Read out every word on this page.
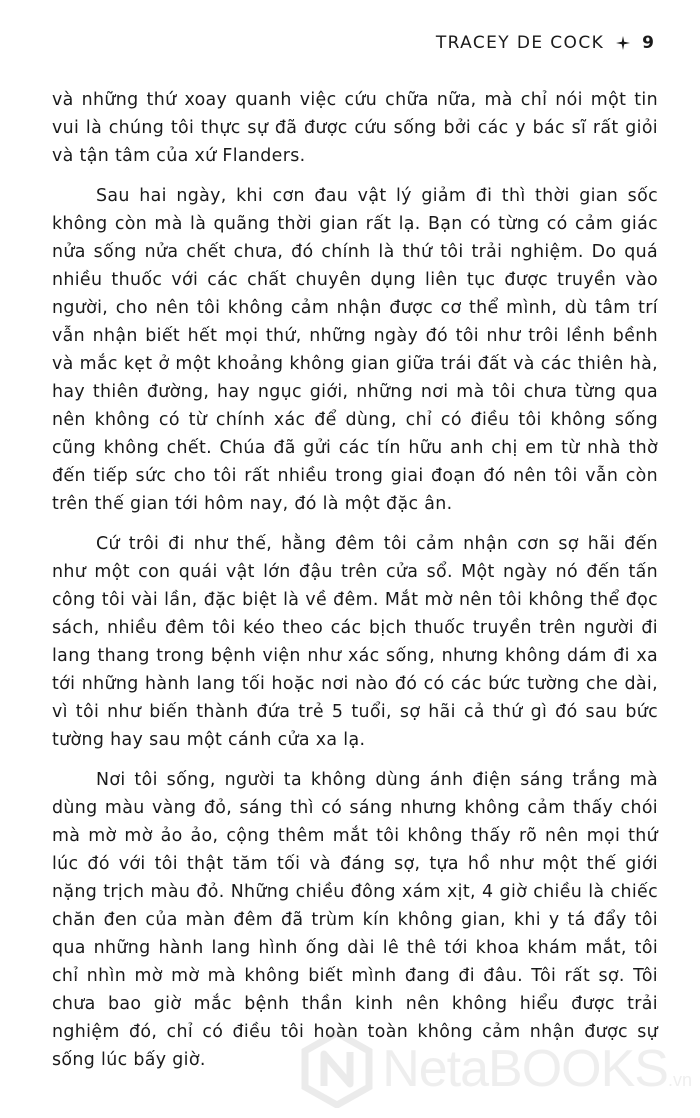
TRACEY DE COCK 9

và những thứ xoay quanh việc cứu chữa nữa, mà chỉ nói một tin vui là chúng tôi thực sự đã được cứu sống bởi các y bác sĩ rất giỏi và tận tâm của xứ Flanders.

Sau hai ngày, khi cơn đau vật lý giảm đi thì thời gian sốc không còn mà là quãng thời gian rất lạ. Bạn có từng có cảm giác nửa sống nửa chết chưa, đó chính là thứ tôi trải nghiệm. Do quá nhiều thuốc với các chất chuyên dụng liên tục được truyền vào người, cho nên tôi không cảm nhận được cơ thể mình, dù tâm trí vẫn nhận biết hết mọi thứ, những ngày đó tôi như trôi lềnh bềnh và mắc kẹt ở một khoảng không gian giữa trái đất và các thiên hà, hay thiên đường, hay ngục giới, những nơi mà tôi chưa từng qua nên không có từ chính xác để dùng, chỉ có điều tôi không sống cũng không chết. Chúa đã gửi các tín hữu anh chị em từ nhà thờ đến tiếp sức cho tôi rất nhiều trong giai đoạn đó nên tôi vẫn còn trên thế gian tới hôm nay, đó là một đặc ân.

Cứ trôi đi như thế, hằng đêm tôi cảm nhận cơn sợ hãi đến như một con quái vật lớn đậu trên cửa sổ. Một ngày nó đến tấn công tôi vài lần, đặc biệt là về đêm. Mắt mờ nên tôi không thể đọc sách, nhiều đêm tôi kéo theo các bịch thuốc truyền trên người đi lang thang trong bệnh viện như xác sống, nhưng không dám đi xa tới những hành lang tối hoặc nơi nào đó có các bức tường che dài, vì tôi như biến thành đứa trẻ 5 tuổi, sợ hãi cả thứ gì đó sau bức tường hay sau một cánh cửa xa lạ.

Nơi tôi sống, người ta không dùng ánh điện sáng trắng mà dùng màu vàng đỏ, sáng thì có sáng nhưng không cảm thấy chói mà mờ mờ ảo ảo, cộng thêm mắt tôi không thấy rõ nên mọi thứ lúc đó với tôi thật tăm tối và đáng sợ, tựa hồ như một thế giới nặng trịch màu đỏ. Những chiều đông xám xịt, 4 giờ chiều là chiếc chăn đen của màn đêm đã trùm kín không gian, khi y tá đẩy tôi qua những hành lang hình ống dài lê thê tới khoa khám mắt, tôi chỉ nhìn mờ mờ mà không biết mình đang đi đâu. Tôi rất sợ. Tôi chưa bao giờ mắc bệnh thần kinh nên không hiểu được trải nghiệm đó, chỉ có điều tôi hoàn toàn không cảm nhận được sự sống lúc bấy giờ.	NetaBOOKS.vn
